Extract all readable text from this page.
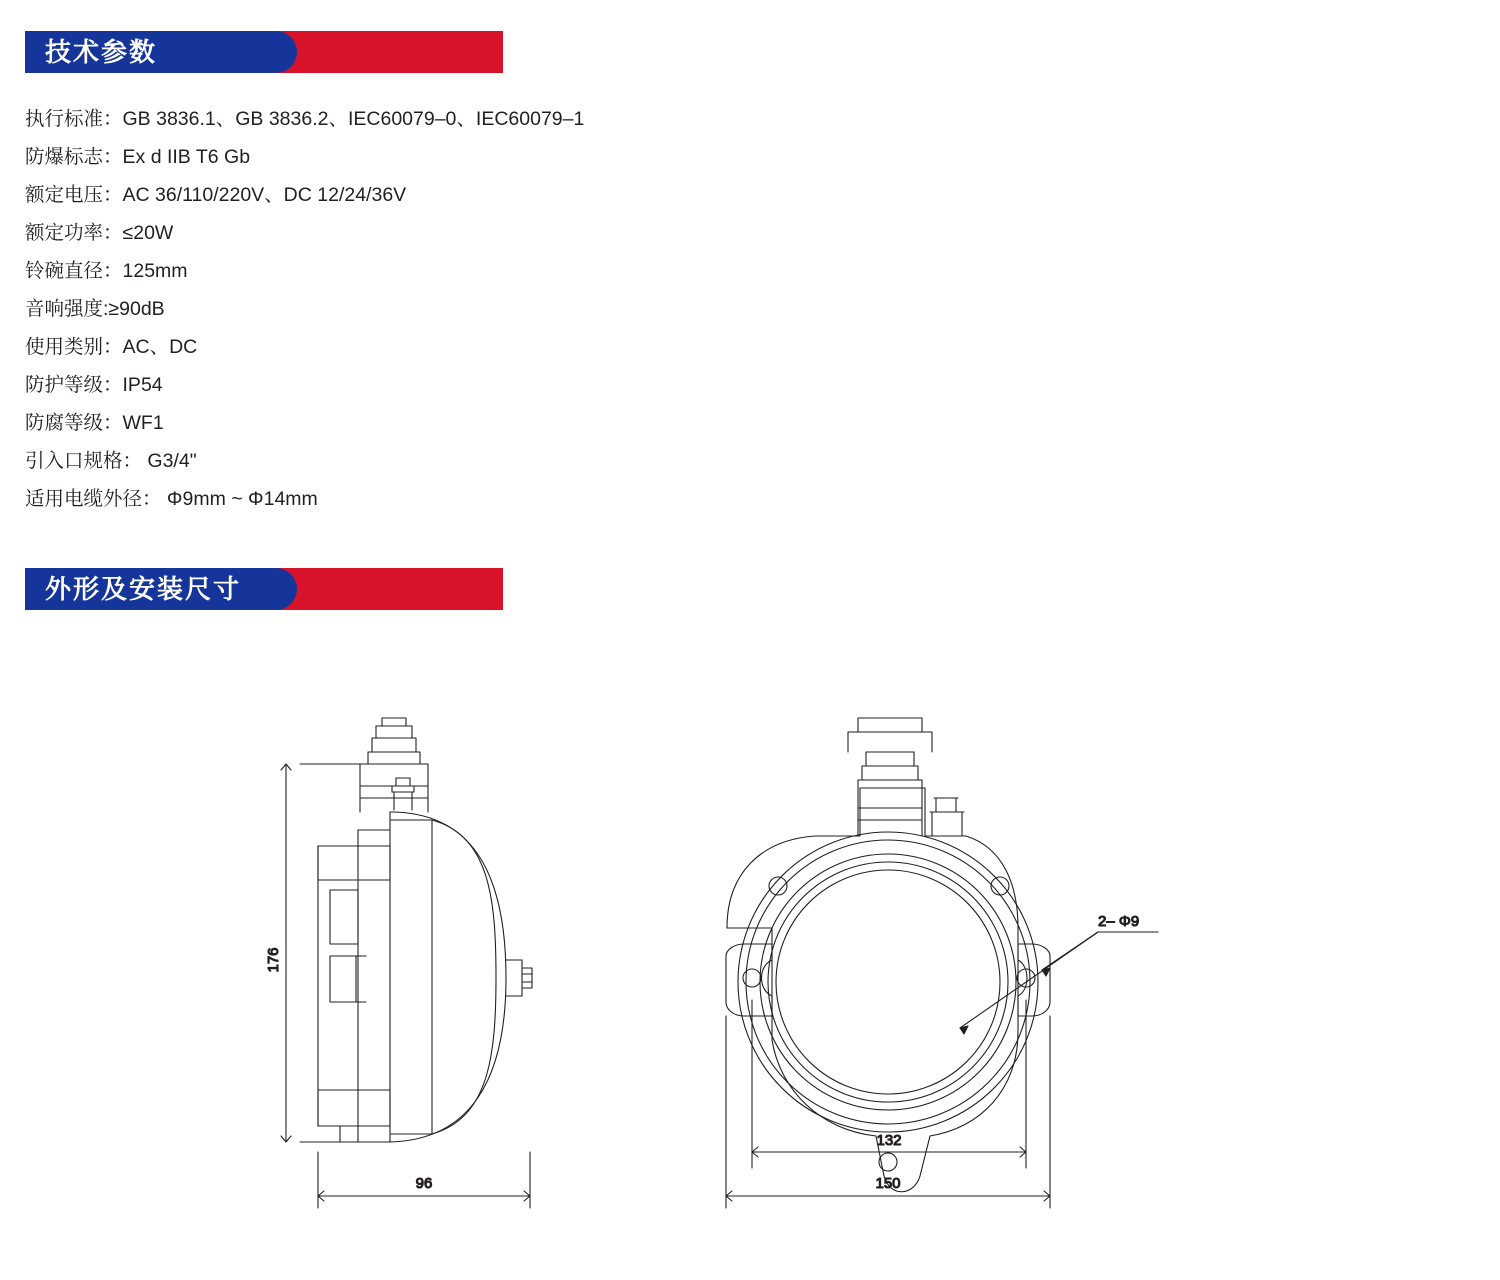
技术参数
执行标准：GB 3836.1、GB 3836.2、IEC60079–0、IEC60079–1
防爆标志：Ex d IIB T6 Gb
额定电压：AC 36/110/220V、DC 12/24/36V
额定功率：≤20W
铃碗直径：125mm
音响强度:≥90dB
使用类别：AC、DC
防护等级：IP54
防腐等级：WF1
引入口规格： G3/4"
适用电缆外径： Φ9mm ~ Φ14mm
外形及安装尺寸
176
96
2– Φ9
132
150
